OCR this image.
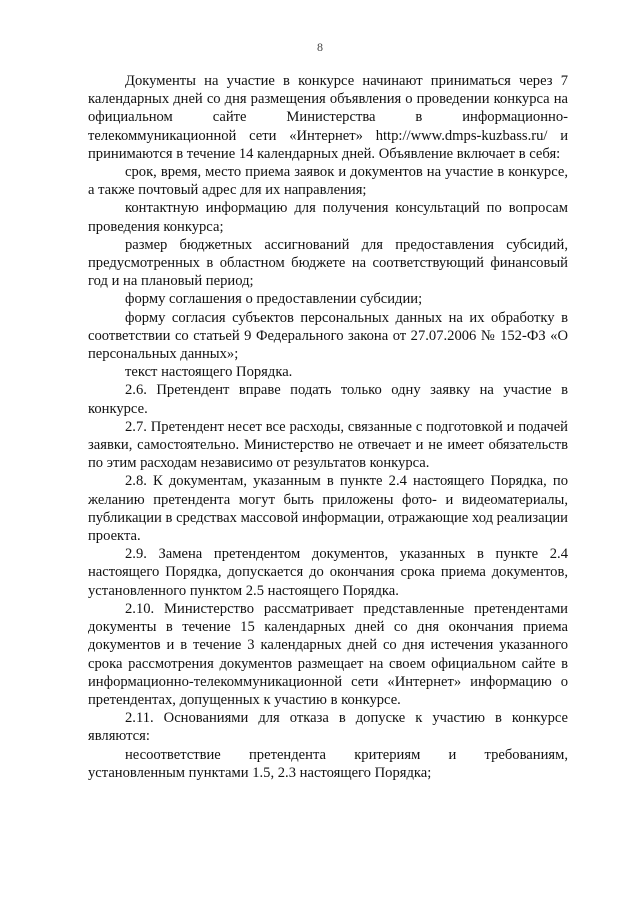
8

Документы на участие в конкурсе начинают приниматься через 7 календарных дней со дня размещения объявления о проведении конкурса на официальном сайте Министерства в информационно-телекоммуникационной сети «Интернет» http://www.dmps-kuzbass.ru/ и принимаются в течение 14 календарных дней. Объявление включает в себя:

срок, время, место приема заявок и документов на участие в конкурсе, а также почтовый адрес для их направления;

контактную информацию для получения консультаций по вопросам проведения конкурса;

размер бюджетных ассигнований для предоставления субсидий, предусмотренных в областном бюджете на соответствующий финансовый год и на плановый период;

форму соглашения о предоставлении субсидии;

форму согласия субъектов персональных данных на их обработку в соответствии со статьей 9 Федерального закона от 27.07.2006 № 152-ФЗ «О персональных данных»;

текст настоящего Порядка.

2.6. Претендент вправе подать только одну заявку на участие в конкурсе.

2.7. Претендент несет все расходы, связанные с подготовкой и подачей заявки, самостоятельно. Министерство не отвечает и не имеет обязательств по этим расходам независимо от результатов конкурса.

2.8. К документам, указанным в пункте 2.4 настоящего Порядка, по желанию претендента могут быть приложены фото- и видеоматериалы, публикации в средствах массовой информации, отражающие ход реализации проекта.

2.9. Замена претендентом документов, указанных в пункте 2.4 настоящего Порядка, допускается до окончания срока приема документов, установленного пунктом 2.5 настоящего Порядка.

2.10. Министерство рассматривает представленные претендентами документы в течение 15 календарных дней со дня окончания приема документов и в течение 3 календарных дней со дня истечения указанного срока рассмотрения документов размещает на своем официальном сайте в информационно-телекоммуникационной сети «Интернет» информацию о претендентах, допущенных к участию в конкурсе.

2.11. Основаниями для отказа в допуске к участию в конкурсе являются:

несоответствие претендента критериям и требованиям, установленным пунктами 1.5, 2.3 настоящего Порядка;
